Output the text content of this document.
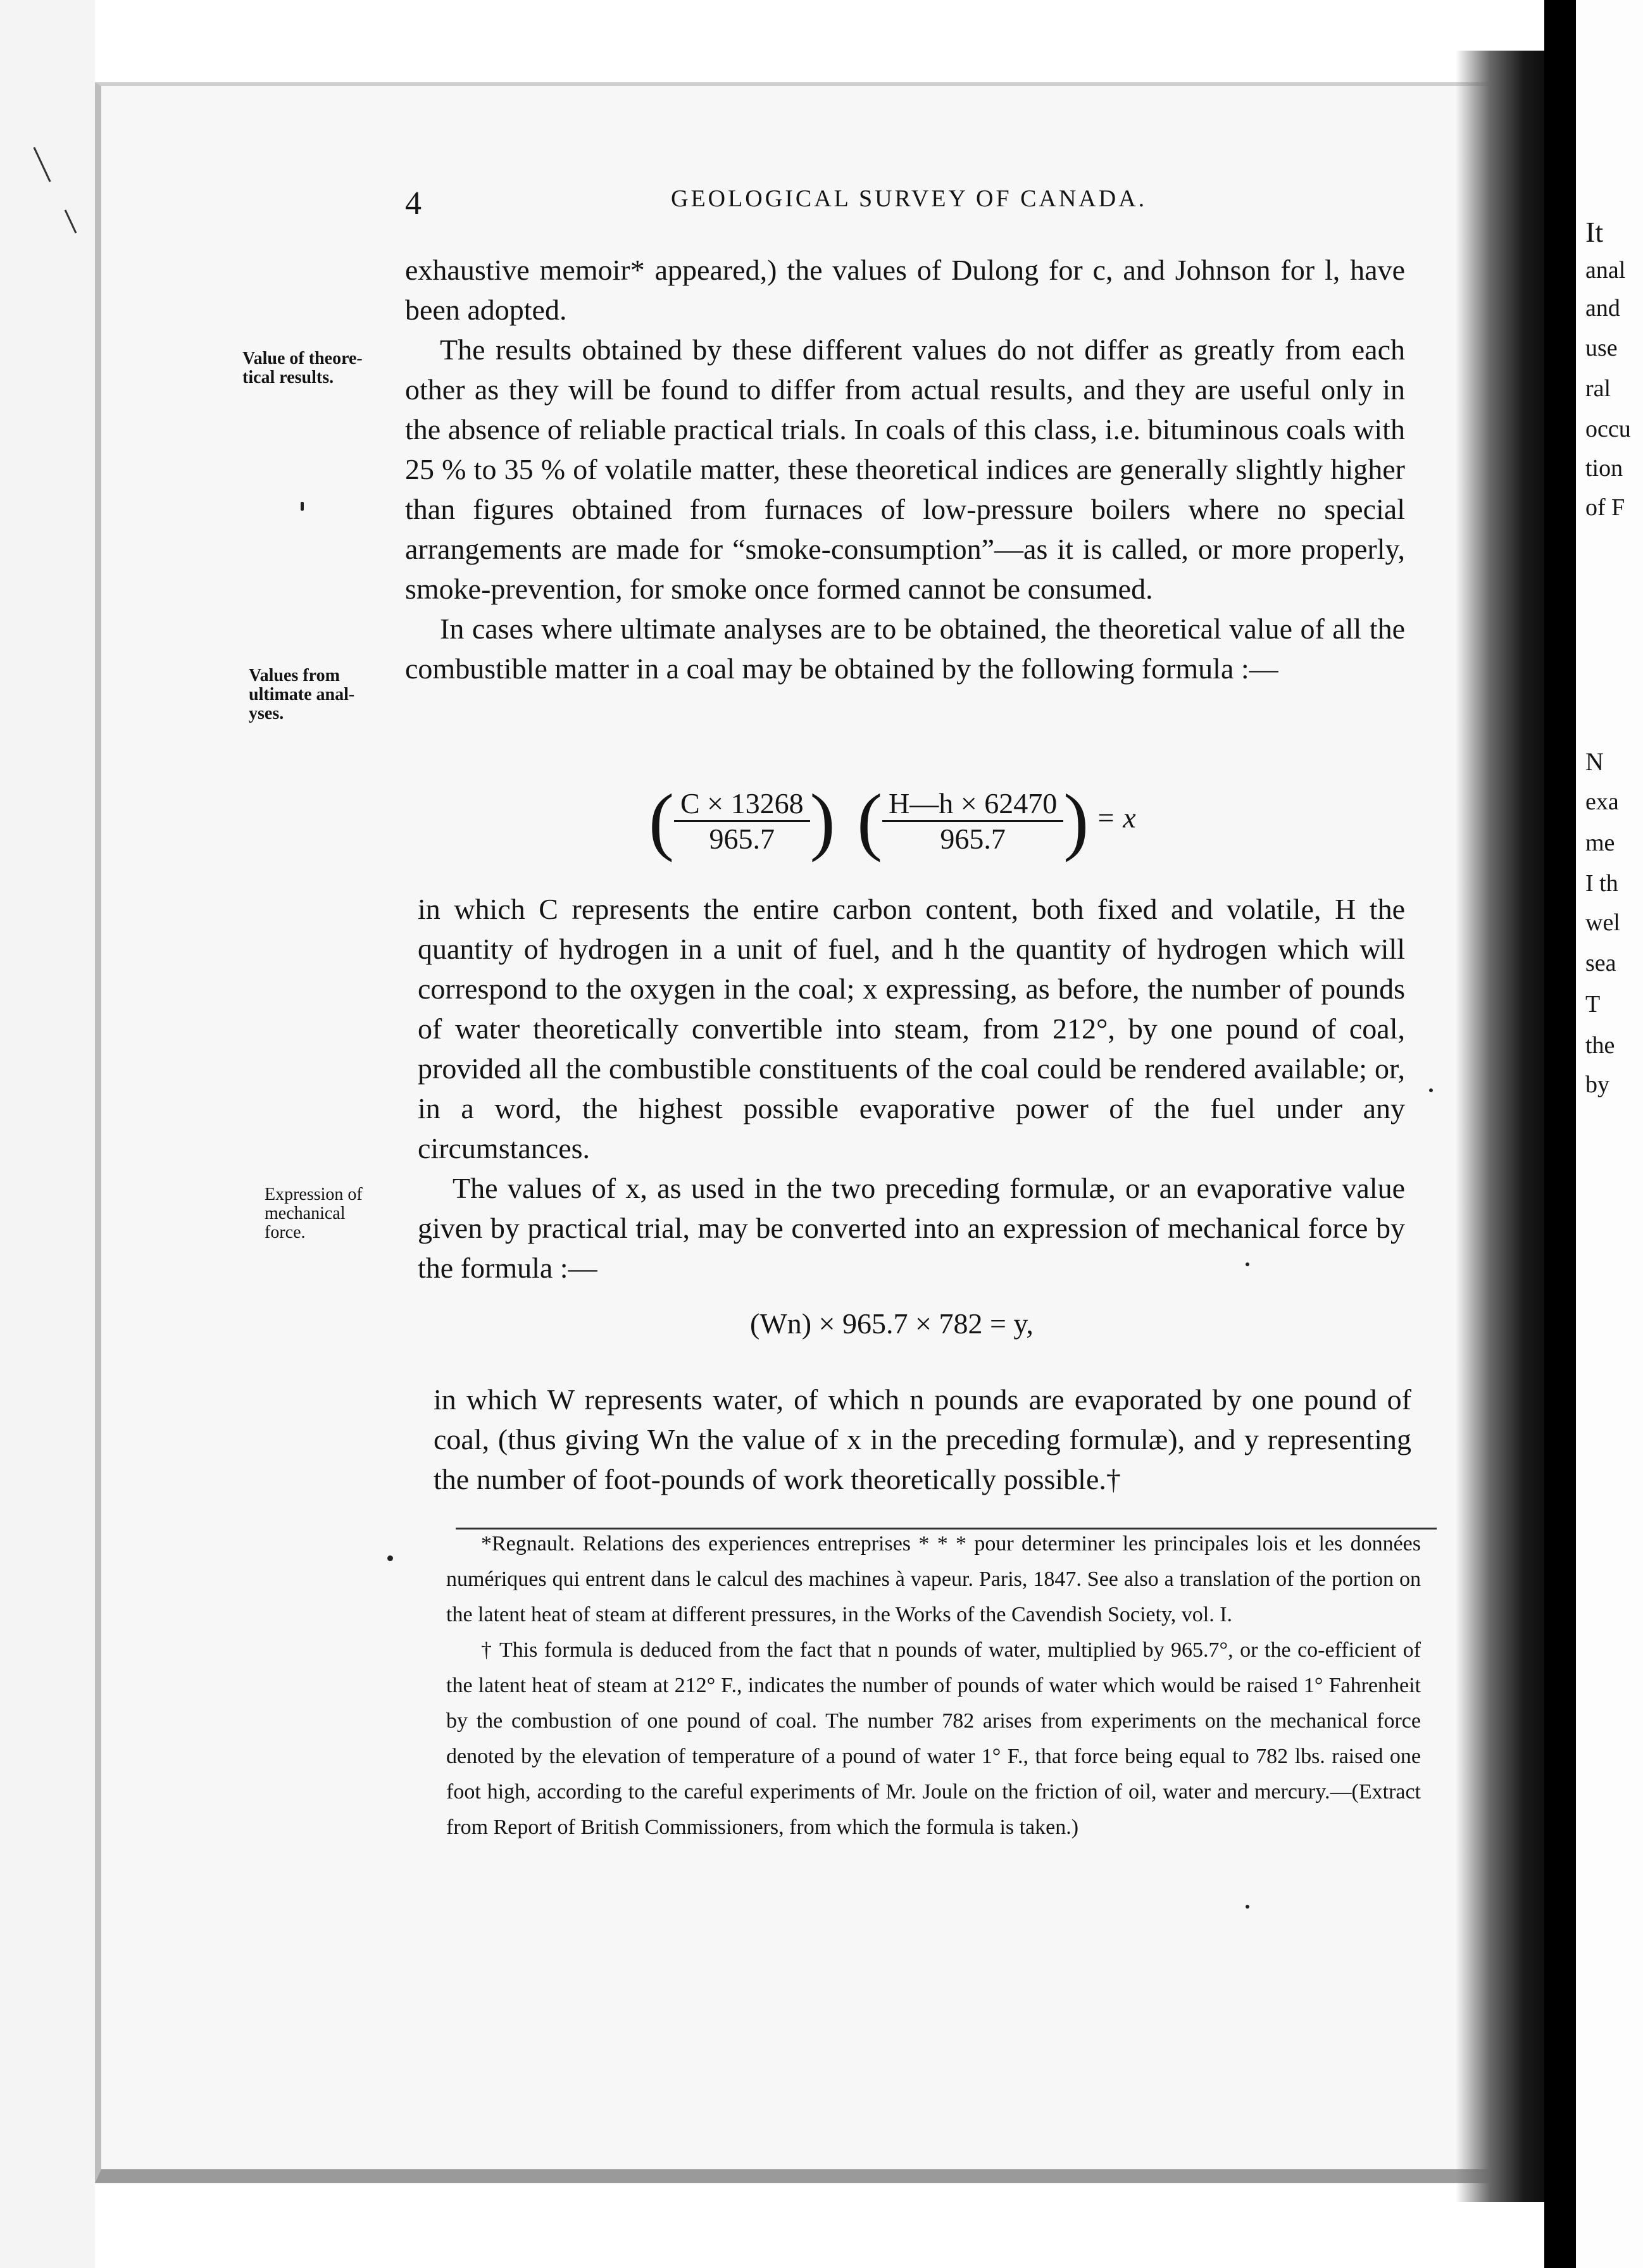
It
anal
and
use
ral
occu
tion
of F
N
exa
me
I th
wel
sea
T
the
by
4	GEOLOGICAL SURVEY OF CANADA.
Value of theore-
tical results.
Values from
ultimate anal-
yses.
Expression of
mechanical
force.

exhaustive memoir* appeared,) the values of Dulong for c, and Johnson for l, have been adopted.

The results obtained by these different values do not differ as greatly from each other as they will be found to differ from actual results, and they are useful only in the absence of reliable practical trials. In coals of this class, i.e. bituminous coals with 25 % to 35 % of volatile matter, these theoretical indices are generally slightly higher than figures obtained from furnaces of low-pressure boilers where no special arrangements are made for “smoke-consumption”—as it is called, or more properly, smoke-prevention, for smoke once formed cannot be consumed.

In cases where ultimate analyses are to be obtained, the theoretical value of all the combustible matter in a coal may be obtained by the following formula :—

( $\frac{C \times 13268}{965.7}$ ) ( $\frac{H—h \times 62470}{965.7}$ ) = x

in which C represents the entire carbon content, both fixed and volatile, H the quantity of hydrogen in a unit of fuel, and h the quantity of hydrogen which will correspond to the oxygen in the coal; x expressing, as before, the number of pounds of water theoretically convertible into steam, from 212°, by one pound of coal, provided all the combustible constituents of the coal could be rendered available; or, in a word, the highest possible evaporative power of the fuel under any circumstances.

The values of x, as used in the two preceding formulæ, or an evaporative value given by practical trial, may be converted into an expression of mechanical force by the formula :—

(Wn) × 965.7 × 782 = y,

in which W represents water, of which n pounds are evaporated by one pound of coal, (thus giving Wn the value of x in the preceding formulæ), and y representing the number of foot-pounds of work theoretically possible.†

*Regnault. Relations des experiences entreprises * * * pour determiner les principales lois et les données numériques qui entrent dans le calcul des machines à vapeur. Paris, 1847. See also a translation of the portion on the latent heat of steam at different pressures, in the Works of the Cavendish Society, vol. I.

† This formula is deduced from the fact that n pounds of water, multiplied by 965.7°, or the co-efficient of the latent heat of steam at 212° F., indicates the number of pounds of water which would be raised 1° Fahrenheit by the combustion of one pound of coal. The number 782 arises from experiments on the mechanical force denoted by the elevation of temperature of a pound of water 1° F., that force being equal to 782 lbs. raised one foot high, according to the careful experiments of Mr. Joule on the friction of oil, water and mercury.—(Extract from Report of British Commissioners, from which the formula is taken.)
